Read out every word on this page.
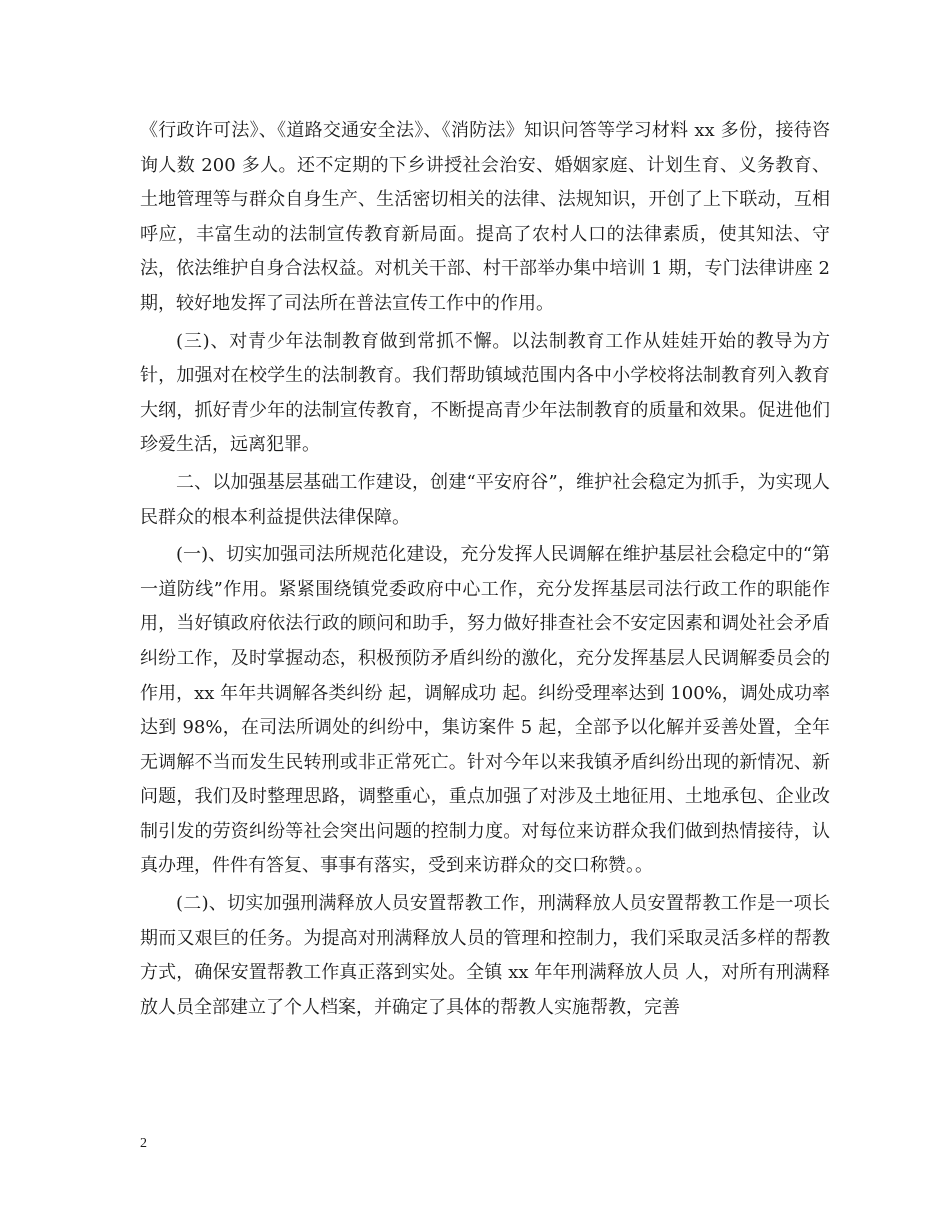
《行政许可法》、《道路交通安全法》、《消防法》知识问答等学习材料 xx 多份，接待咨询人数 200 多人。还不定期的下乡讲授社会治安、婚姻家庭、计划生育、义务教育、土地管理等与群众自身生产、生活密切相关的法律、法规知识，开创了上下联动，互相呼应，丰富生动的法制宣传教育新局面。提高了农村人口的法律素质，使其知法、守法，依法维护自身合法权益。对机关干部、村干部举办集中培训 1 期，专门法律讲座 2 期，较好地发挥了司法所在普法宣传工作中的作用。

(三)、对青少年法制教育做到常抓不懈。以法制教育工作从娃娃开始的教导为方针，加强对在校学生的法制教育。我们帮助镇域范围内各中小学校将法制教育列入教育大纲，抓好青少年的法制宣传教育，不断提高青少年法制教育的质量和效果。促进他们珍爱生活，远离犯罪。

二、以加强基层基础工作建设，创建“平安府谷”，维护社会稳定为抓手，为实现人民群众的根本利益提供法律保障。

(一)、切实加强司法所规范化建设，充分发挥人民调解在维护基层社会稳定中的“第一道防线”作用。紧紧围绕镇党委政府中心工作，充分发挥基层司法行政工作的职能作用，当好镇政府依法行政的顾问和助手，努力做好排查社会不安定因素和调处社会矛盾纠纷工作，及时掌握动态，积极预防矛盾纠纷的激化，充分发挥基层人民调解委员会的作用，xx 年年共调解各类纠纷 起，调解成功 起。纠纷受理率达到 100%，调处成功率达到 98%，在司法所调处的纠纷中，集访案件 5 起，全部予以化解并妥善处置，全年无调解不当而发生民转刑或非正常死亡。针对今年以来我镇矛盾纠纷出现的新情况、新问题，我们及时整理思路，调整重心，重点加强了对涉及土地征用、土地承包、企业改制引发的劳资纠纷等社会突出问题的控制力度。对每位来访群众我们做到热情接待，认真办理，件件有答复、事事有落实，受到来访群众的交口称赞。。

(二)、切实加强刑满释放人员安置帮教工作，刑满释放人员安置帮教工作是一项长期而又艰巨的任务。为提高对刑满释放人员的管理和控制力，我们采取灵活多样的帮教方式，确保安置帮教工作真正落到实处。全镇 xx 年年刑满释放人员 人，对所有刑满释放人员全部建立了个人档案，并确定了具体的帮教人实施帮教，完善

2
